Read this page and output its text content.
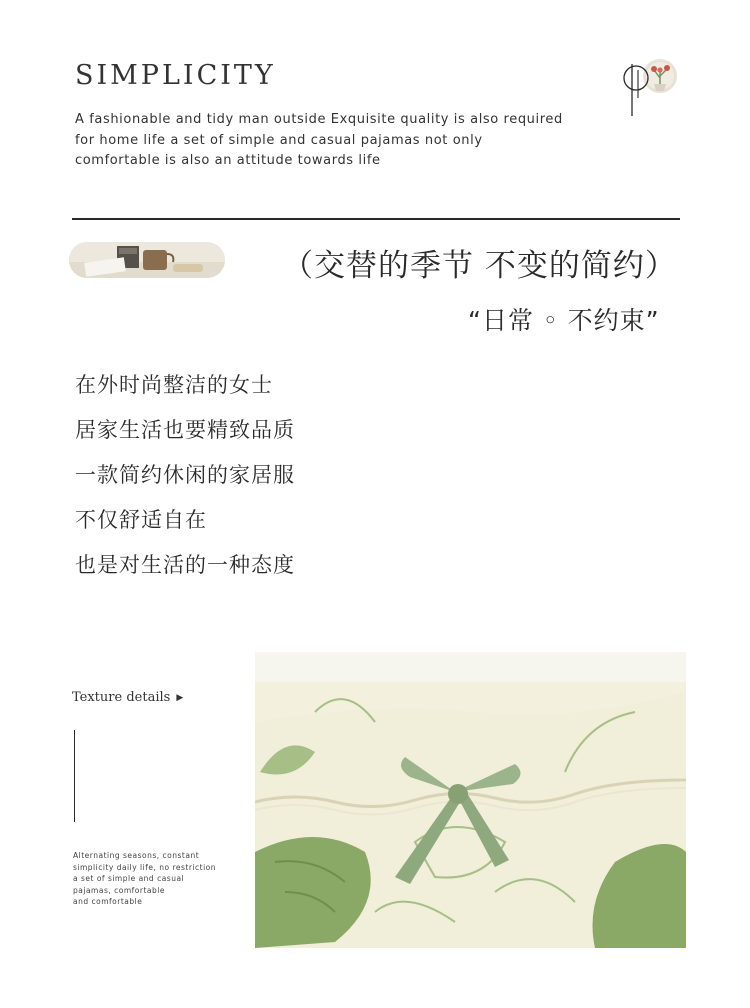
SIMPLICITY
A fashionable and tidy man outside Exquisite quality is also required
for home life a set of simple and casual pajamas not only
comfortable is also an attitude towards life
（交替的季节 不变的简约）
“日常 ◦ 不约束”
在外时尚整洁的女士
居家生活也要精致品质
一款简约休闲的家居服
不仅舒适自在
也是对生活的一种态度
Texture details ▶
Alternating seasons, constant
simplicity daily life, no restriction
a set of simple and casual
pajamas, comfortable
and comfortable
